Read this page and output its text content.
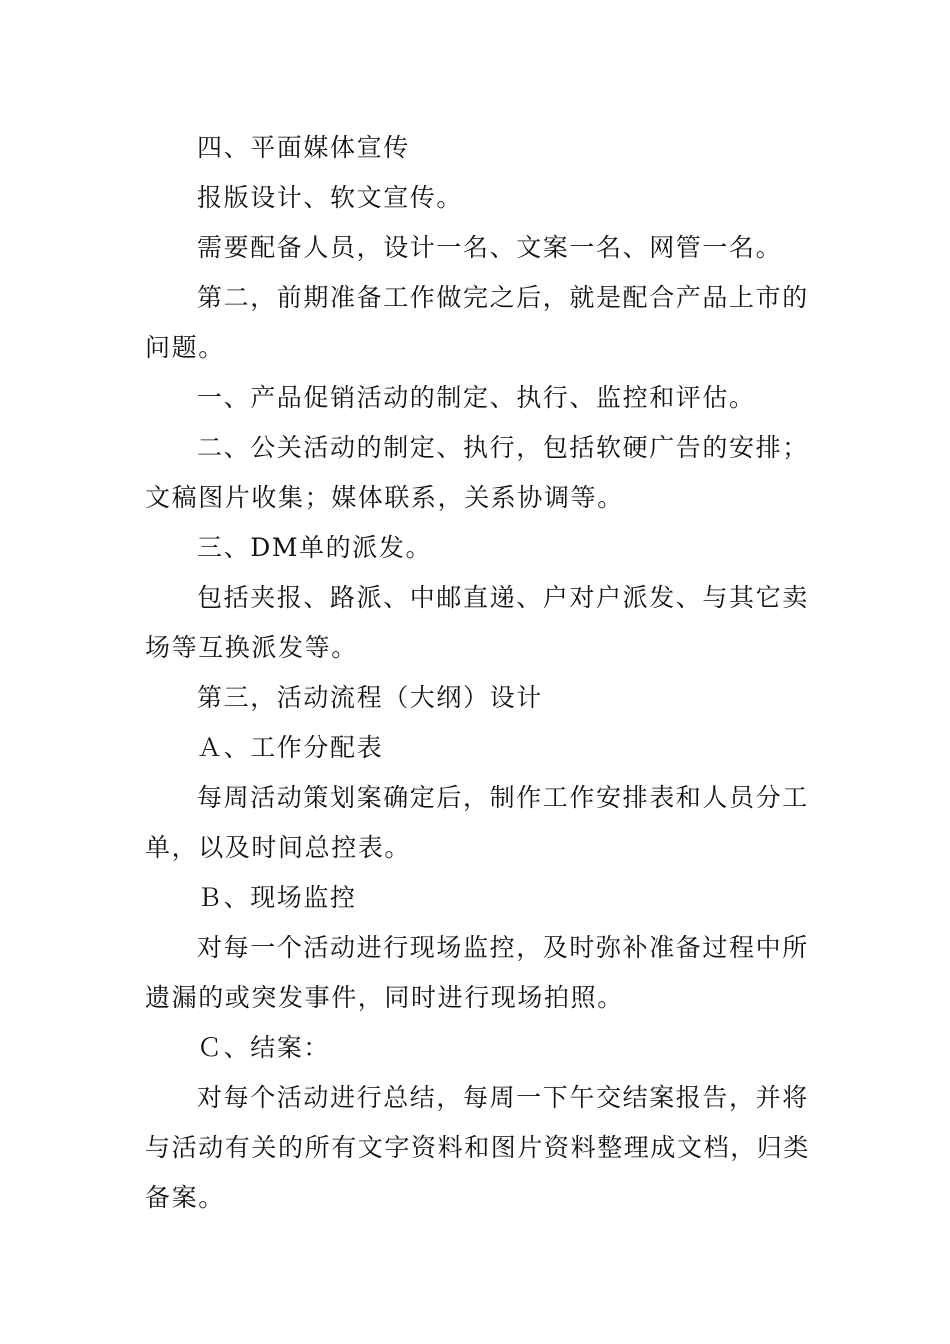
四、平面媒体宣传

报版设计、软文宣传。

需要配备人员，设计一名、文案一名、网管一名。

第二，前期准备工作做完之后，就是配合产品上市的问题。

一、产品促销活动的制定、执行、监控和评估。

二、公关活动的制定、执行，包括软硬广告的安排；文稿图片收集；媒体联系，关系协调等。

三、DM单的派发。

包括夹报、路派、中邮直递、户对户派发、与其它卖场等互换派发等。

第三，活动流程（大纲）设计

Ａ、工作分配表

每周活动策划案确定后，制作工作安排表和人员分工单，以及时间总控表。

Ｂ、现场监控

对每一个活动进行现场监控，及时弥补准备过程中所遗漏的或突发事件，同时进行现场拍照。

Ｃ、结案：

对每个活动进行总结，每周一下午交结案报告，并将与活动有关的所有文字资料和图片资料整理成文档，归类备案。
